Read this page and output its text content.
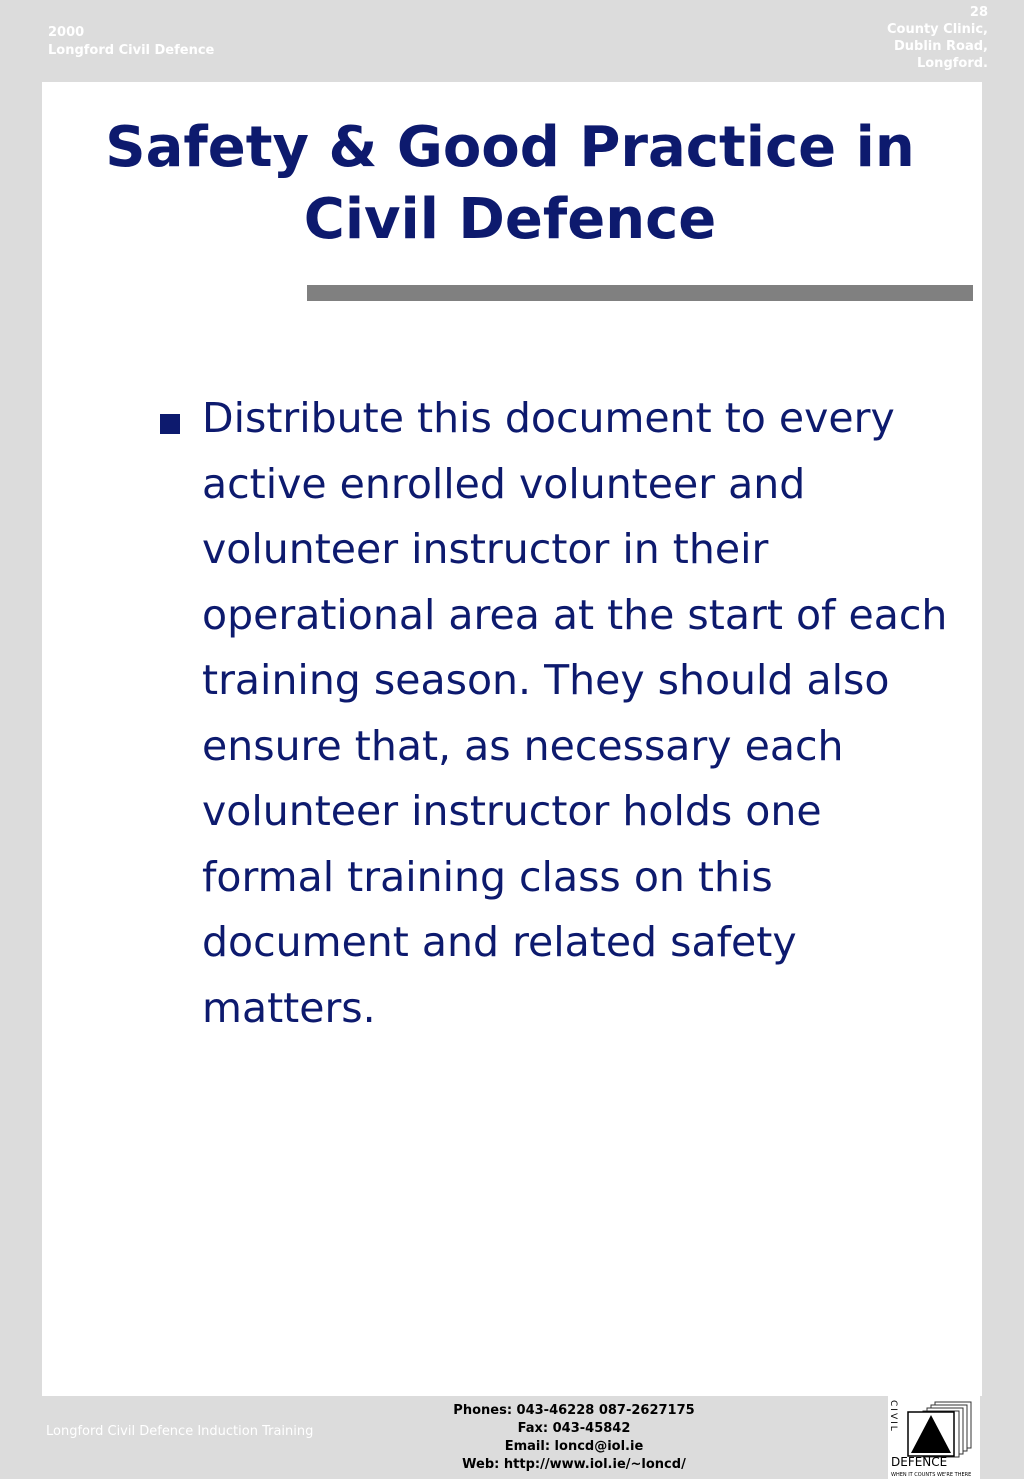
2000
Longford Civil Defence
28
County Clinic,
Dublin Road,
Longford.
Safety & Good Practice in
Civil Defence

Distribute this document to every active enrolled volunteer and volunteer instructor in their operational area at the start of each training season. They should also ensure that, as necessary each volunteer instructor holds one formal training class on this document and related safety matters.

Longford Civil Defence Induction Training
Phones: 043-46228 087-2627175
Fax: 043-45842
Email: loncd@iol.ie
Web: http://www.iol.ie/~loncd/
CIVIL
DEFENCE
WHEN IT COUNTS WE'RE THERE
